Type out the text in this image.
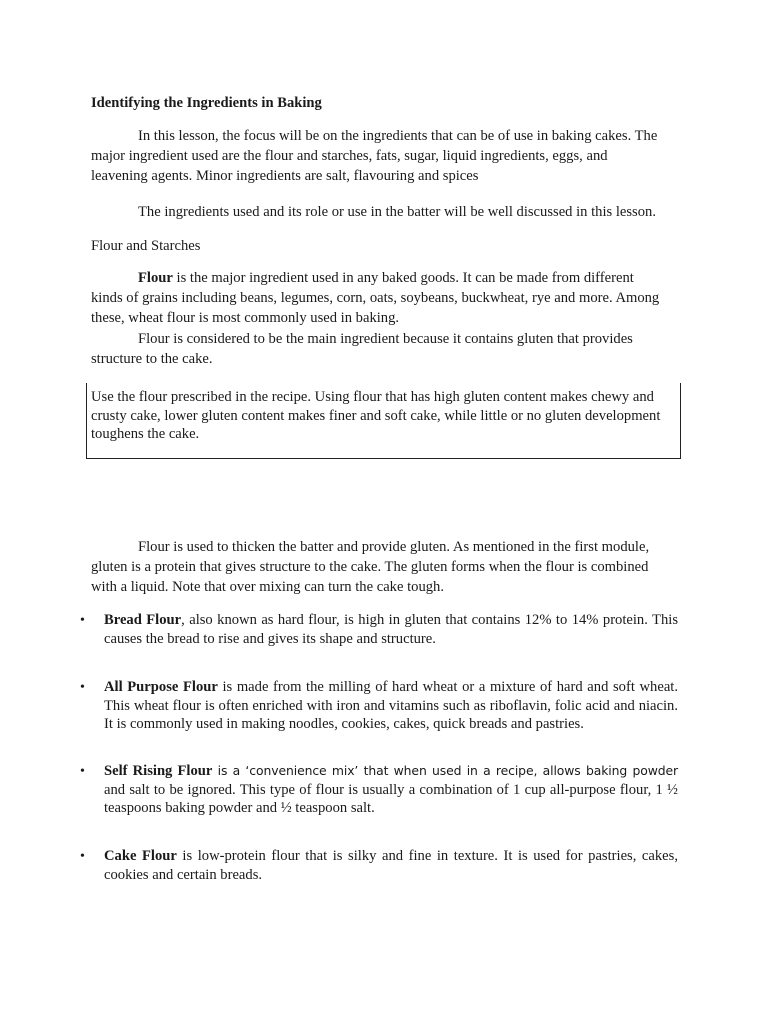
Identifying the Ingredients in Baking

In this lesson, the focus will be on the ingredients that can be of use in baking cakes. The

major ingredient used are the flour and starches, fats, sugar, liquid ingredients, eggs, and

leavening agents. Minor ingredients are salt, flavouring and spices

The ingredients used and its role or use in the batter will be well discussed in this lesson.

Flour and Starches

Flour is the major ingredient used in any baked goods. It can be made from different

kinds of grains including beans, legumes, corn, oats, soybeans, buckwheat, rye and more. Among

these, wheat flour is most commonly used in baking.

Flour is considered to be the main ingredient because it contains gluten that provides

structure to the cake.

Use the flour prescribed in the recipe. Using flour that has high gluten content makes chewy and crusty cake, lower gluten content makes finer and soft cake, while little or no gluten development toughens the cake.

Flour is used to thicken the batter and provide gluten. As mentioned in the first module,

gluten is a protein that gives structure to the cake. The gluten forms when the flour is combined

with a liquid. Note that over mixing can turn the cake tough.

• Bread Flour, also known as hard flour, is high in gluten that contains 12% to 14% protein. This causes the bread to rise and gives its shape and structure.

• All Purpose Flour is made from the milling of hard wheat or a mixture of hard and soft wheat. This wheat flour is often enriched with iron and vitamins such as riboflavin, folic acid and niacin. It is commonly used in making noodles, cookies, cakes, quick breads and pastries.

• Self Rising Flour is a ‘convenience mix’ that when used in a recipe, allows baking powder and salt to be ignored. This type of flour is usually a combination of 1 cup all-purpose flour, 1 ½ teaspoons baking powder and ½ teaspoon salt.

• Cake Flour is low-protein flour that is silky and fine in texture. It is used for pastries, cakes, cookies and certain breads.
